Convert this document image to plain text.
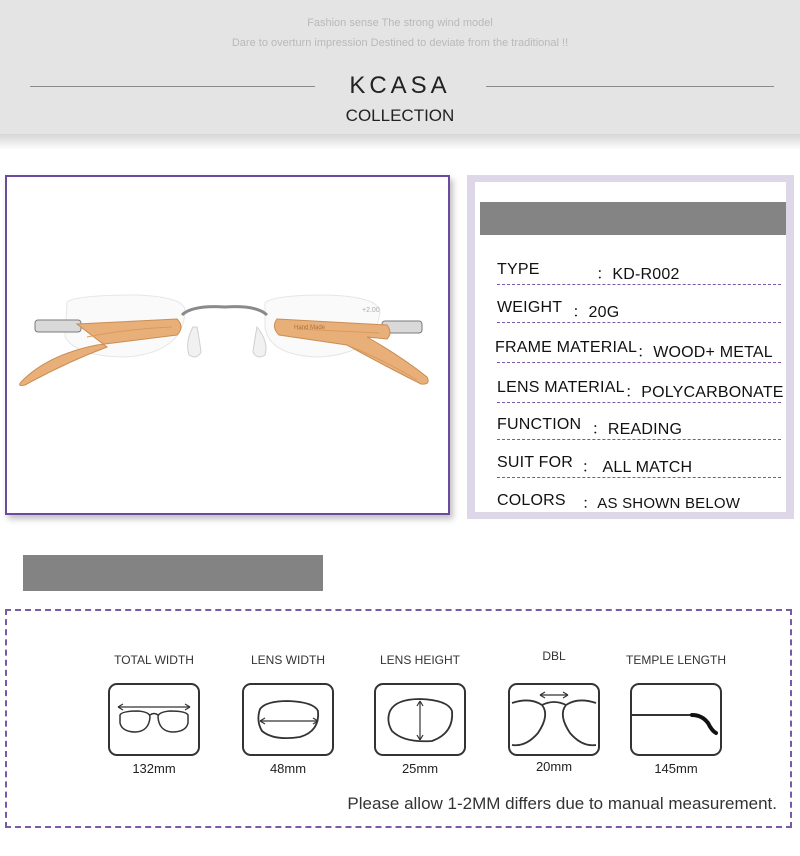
Fashion sense The strong wind model
Dare to overturn impression Destined to deviate from the traditional !!
KCASA
COLLECTION
Hand Made
+2.00
TYPE ：KD-R002
WEIGHT ：20G
FRAME MATERIAL ：WOOD+ METAL
LENS MATERIAL ：POLYCARBONATE
FUNCTION ：READING
SUIT FOR ： ALL MATCH
COLORS ：AS SHOWN BELOW
TOTAL WIDTH
132mm
LENS WIDTH
48mm
LENS HEIGHT
25mm
DBL
20mm
TEMPLE LENGTH
145mm
Please allow 1-2MM differs due to manual measurement.
